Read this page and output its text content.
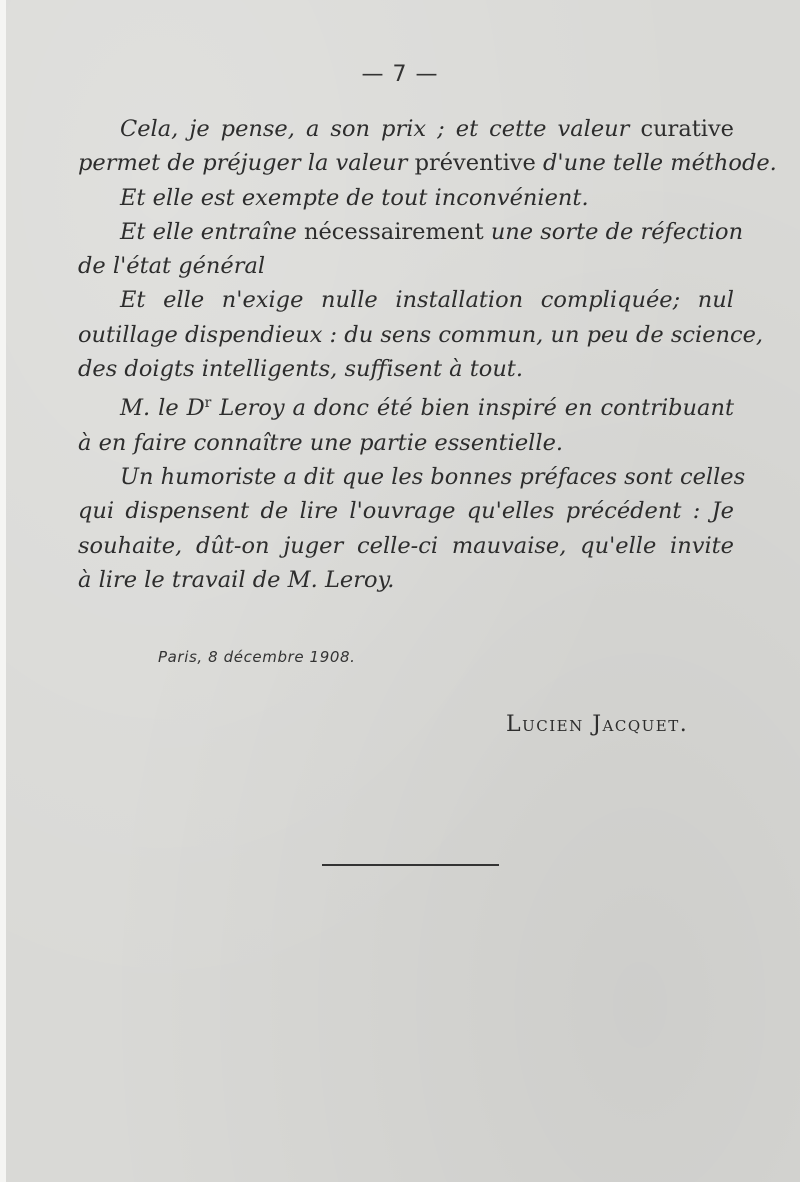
— 7 —
Cela, je pense, a son prix ; et cette valeur curative
permet de préjuger la valeur préventive d'une telle méthode.
Et elle est exempte de tout inconvénient.
Et elle entraîne nécessairement une sorte de réfection
de l'état général
Et elle n'exige nulle installation compliquée; nul
outillage dispendieux : du sens commun, un peu de science,
des doigts intelligents, suffisent à tout.
M. le $D^r$ Leroy a donc été bien inspiré en contribuant
à en faire connaître une partie essentielle.
Un humoriste a dit que les bonnes préfaces sont celles
qui dispensent de lire l'ouvrage qu'elles précédent : Je
souhaite, dût-on juger celle-ci mauvaise, qu'elle invite
à lire le travail de M. Leroy.
Paris, 8 décembre 1908.
Lucien Jacquet.
